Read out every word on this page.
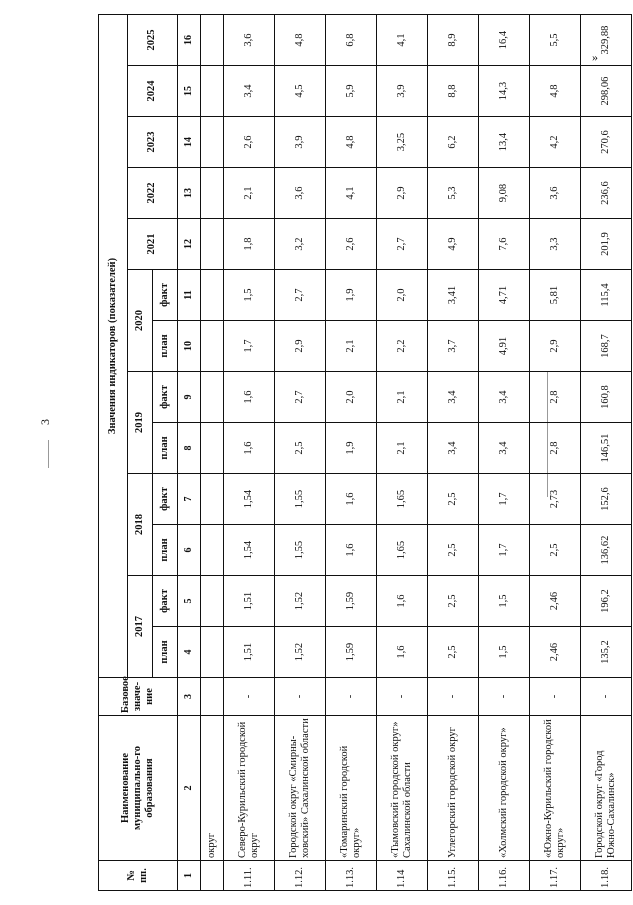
3
»
№ пп.	Наименование муниципально-го образования	Базовое значе-ние	Значения индикаторов (показателей)												
			2017		2018		2019		2020		2021	2022	2023	2024	2025
			план	факт	план	факт	план	факт	план	факт					
1	2	3	4	5	6	7	8	9	10	11	12	13	14	15	16
	округ														
1.11.	Северо-Курильский городской округ	-	1,51	1,51	1,54	1,54	1,6	1,6	1,7	1,5	1,8	2,1	2,6	3,4	3,6
1.12.	Городской округ «Смирны-ховский» Сахалинской области	-	1,52	1,52	1,55	1,55	2,5	2,7	2,9	2,7	3,2	3,6	3,9	4,5	4,8
1.13.	«Томаринский городской округ»	-	1,59	1,59	1,6	1,6	1,9	2,0	2,1	1,9	2,6	4,1	4,8	5,9	6,8
1.14	«Тымовский городской округ» Сахалинской области	-	1,6	1,6	1,65	1,65	2,1	2,1	2,2	2,0	2,7	2,9	3,25	3,9	4,1
1.15.	Углегорский городской округ	-	2,5	2,5	2,5	2,5	3,4	3,4	3,7	3,41	4,9	5,3	6,2	8,8	8,9
1.16.	«Холмский городской округ»	-	1,5	1,5	1,7	1,7	3,4	3,4	4,91	4,71	7,6	9,08	13,4	14,3	16,4
1.17.	«Южно-Курильский городской округ»	-	2,46	2,46	2,5	2,73	2,8	2,8	2,9	5,81	3,3	3,6	4,2	4,8	5,5
1.18.	Городской округ «Город Южно-Сахалинск»	-	135,2	196,2	136,62	152,6	146,51	160,8	168,7	115,4	201,9	236,6	270,6	298,06	329,88
